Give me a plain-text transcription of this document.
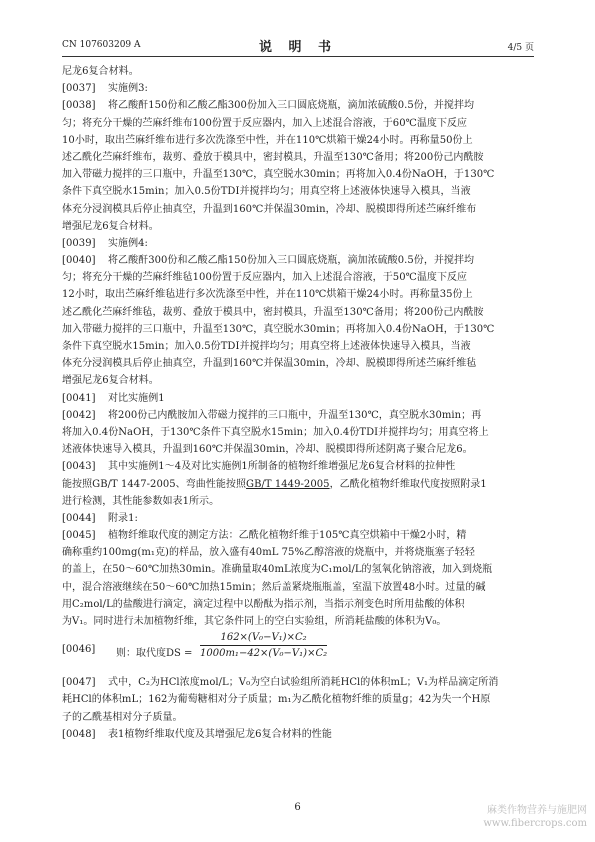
CN 107603209 A	说 明 书	4/5 页
尼龙6复合材料。
[0037] 实施例3:
[0038] 将乙酸酐150份和乙酸乙酯300份加入三口圆底烧瓶，滴加浓硫酸0.5份，并搅拌均
匀；将充分干燥的苎麻纤维布100份置于反应器内，加入上述混合溶液，于60℃温度下反应
10小时，取出苎麻纤维布进行多次洗涤至中性，并在110℃烘箱干燥24小时。再称量50份上
述乙酰化苎麻纤维布，裁剪、叠放于模具中，密封模具，升温至130℃备用；将200份己内酰胺
加入带磁力搅拌的三口瓶中，升温至130℃，真空脱水30min；再将加入0.4份NaOH，于130℃
条件下真空脱水15min；加入0.5份TDI并搅拌均匀；用真空将上述液体快速导入模具，当液
体充分浸润模具后停止抽真空，升温到160℃并保温30min，冷却、脱模即得所述苎麻纤维布
增强尼龙6复合材料。
[0039] 实施例4:
[0040] 将乙酸酐300份和乙酸乙酯150份加入三口圆底烧瓶，滴加浓硫酸0.5份，并搅拌均
匀；将充分干燥的苎麻纤维毡100份置于反应器内，加入上述混合溶液，于50℃温度下反应
12小时，取出苎麻纤维毡进行多次洗涤至中性，并在110℃烘箱干燥24小时。再称量35份上
述乙酰化苎麻纤维毡，裁剪、叠放于模具中，密封模具，升温至130℃备用；将200份己内酰胺
加入带磁力搅拌的三口瓶中，升温至130℃，真空脱水30min；再将加入0.4份NaOH，于130℃
条件下真空脱水15min；加入0.5份TDI并搅拌均匀；用真空将上述液体快速导入模具，当液
体充分浸润模具后停止抽真空，升温到160℃并保温30min，冷却、脱模即得所述苎麻纤维毡
增强尼龙6复合材料。
[0041] 对比实施例1
[0042] 将200份己内酰胺加入带磁力搅拌的三口瓶中，升温至130℃，真空脱水30min；再
将加入0.4份NaOH，于130℃条件下真空脱水15min；加入0.4份TDI并搅拌均匀；用真空将上
述液体快速导入模具，升温到160℃并保温30min，冷却、脱模即得所述阴离子聚合尼龙6。
[0043] 其中实施例1～4及对比实施例1所制备的植物纤维增强尼龙6复合材料的拉伸性
能按照GB/T 1447-2005、弯曲性能按照GB/T 1449-2005，乙酰化植物纤维取代度按照附录1
进行检测，其性能参数如表1所示。
[0044] 附录1:
[0045] 植物纤维取代度的测定方法：乙酰化植物纤维于105℃真空烘箱中干燥2小时，精
确称重约100mg(m₁克)的样品，放入盛有40mL 75%乙醇溶液的烧瓶中，并将烧瓶塞子轻轻
的盖上，在50～60℃加热30min。准确量取40mL浓度为C₁mol/L的氢氧化钠溶液，加入到烧瓶
中，混合溶液继续在50～60℃加热15min；然后盖紧烧瓶瓶盖，室温下放置48小时。过量的碱
用C₂mol/L的盐酸进行滴定，滴定过程中以酚酞为指示剂，当指示剂变色时所用盐酸的体积
为V₁。同时进行未加植物纤维，其它条件同上的空白实验组，所消耗盐酸的体积为V₀。
[0046]	则：取代度DS = $\frac{\text{162×(V₀−V₁)×C₂}}{\text{1000m₁−42×(V₀−V₁)×C₂}}$
[0047] 式中，C₂为HCl浓度mol/L；V₀为空白试验组所消耗HCl的体积mL；V₁为样品滴定所消
耗HCl的体积mL；162为葡萄糖相对分子质量；m₁为乙酰化植物纤维的质量g；42为失一个H原
子的乙酰基相对分子质量。
[0048] 表1植物纤维取代度及其增强尼龙6复合材料的性能
6	麻类作物营养与施肥网
www.fibercrops.com
